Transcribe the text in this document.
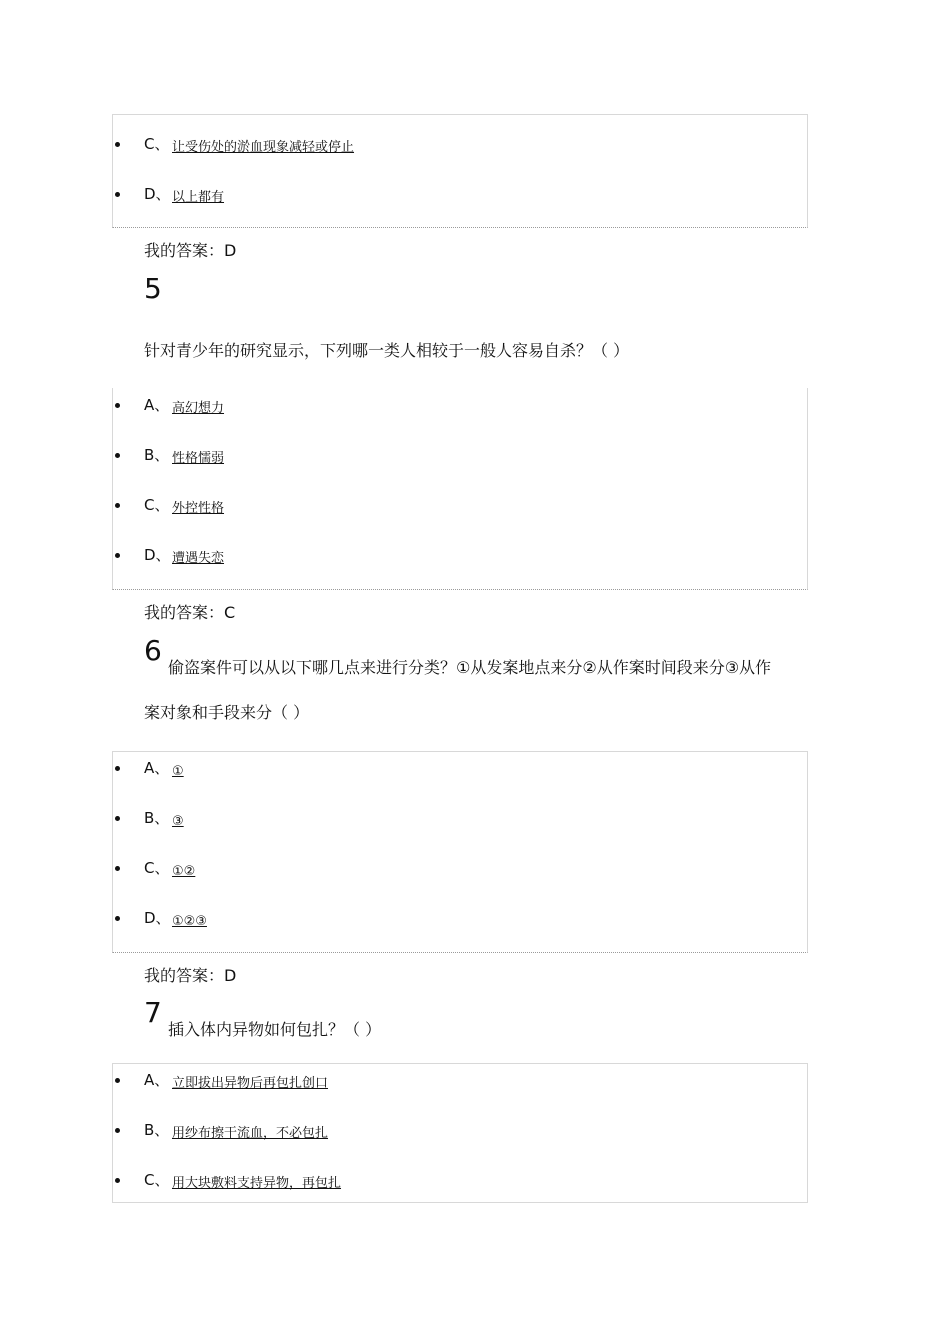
C、 让受伤处的淤血现象减轻或停止
D、 以上都有
我的答案：D
5
针对青少年的研究显示，下列哪一类人相较于一般人容易自杀？（ ）
A、 高幻想力
B、 性格懦弱
C、 外控性格
D、 遭遇失恋
我的答案：C
6
偷盗案件可以从以下哪几点来进行分类？①从发案地点来分②从作案时间段来分③从作
案对象和手段来分（ ）
A、 ①
B、 ③
C、 ①②
D、 ①②③
我的答案：D
7
插入体内异物如何包扎？（ ）
A、 立即拔出异物后再包扎创口
B、 用纱布擦干流血，不必包扎
C、 用大块敷料支持异物，再包扎
